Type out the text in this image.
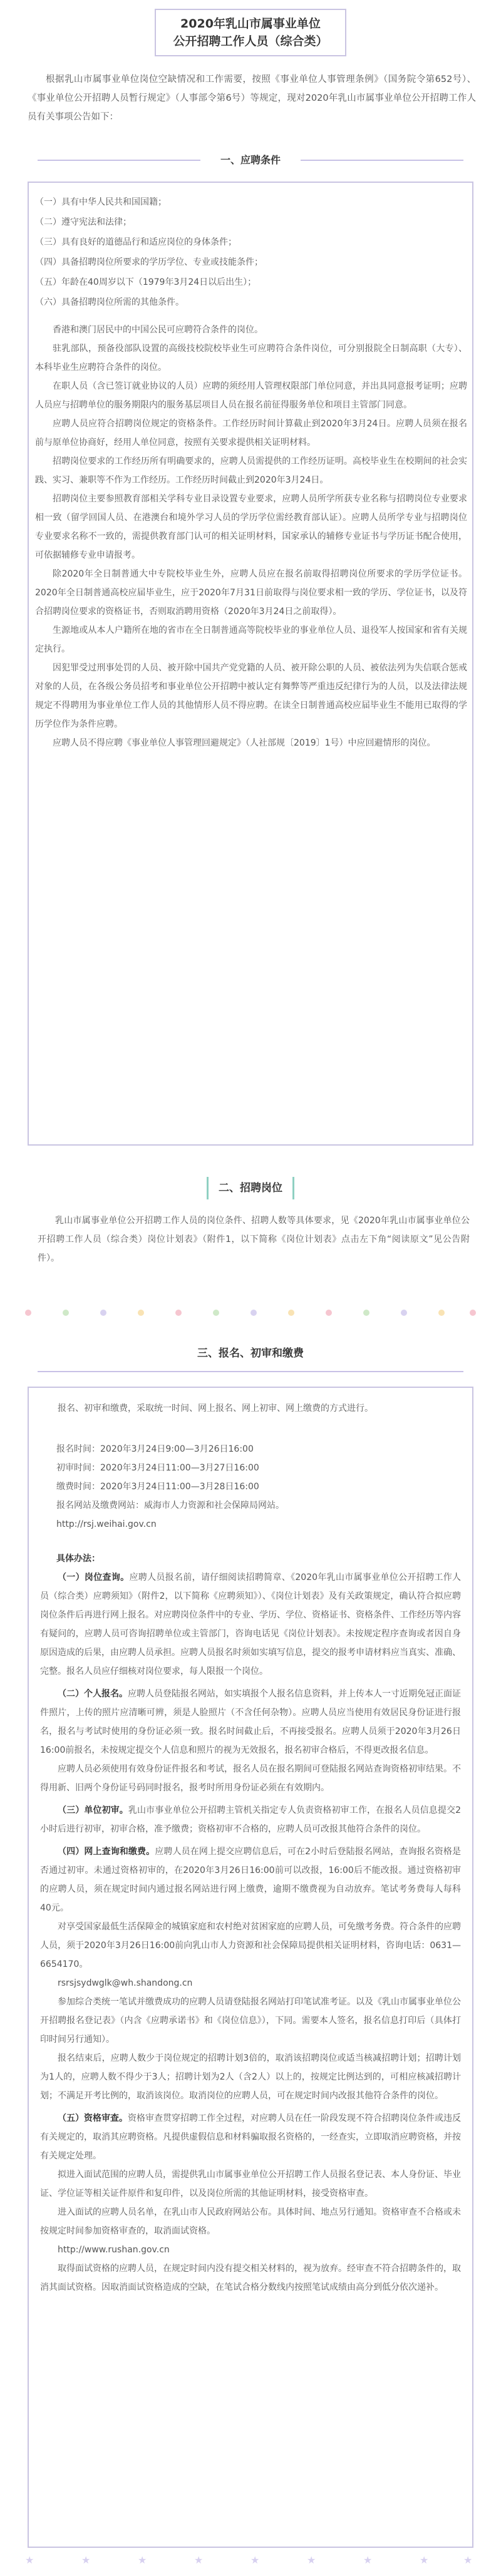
2020年乳山市属事业单位
公开招聘工作人员（综合类）
根据乳山市属事业单位岗位空缺情况和工作需要，按照《事业单位人事管理条例》（国务院令第652号）、《事业单位公开招聘人员暂行规定》（人事部令第6号）等规定，现对2020年乳山市属事业单位公开招聘工作人员有关事项公告如下：
一、应聘条件
（一）具有中华人民共和国国籍；
（二）遵守宪法和法律；
（三）具有良好的道德品行和适应岗位的身体条件；
（四）具备招聘岗位所要求的学历学位、专业或技能条件；
（五）年龄在40周岁以下（1979年3月24日以后出生）；
（六）具备招聘岗位所需的其他条件。
香港和澳门居民中的中国公民可应聘符合条件的岗位。
驻乳部队，预备役部队设置的高级技校院校毕业生可应聘符合条件岗位，可分别报院全日制高职（大专）、本科毕业生应聘符合条件的岗位。
在职人员（含已签订就业协议的人员）应聘的须经用人管理权限部门单位同意，并出具同意报考证明；应聘人员应与招聘单位的服务期限内的服务基层项目人员在报名前征得服务单位和项目主管部门同意。
应聘人员应符合招聘岗位规定的资格条件。工作经历时间计算截止到2020年3月24日。应聘人员须在报名前与原单位协商好，经用人单位同意，按照有关要求提供相关证明材料。
招聘岗位要求的工作经历所有明确要求的，应聘人员需提供的工作经历证明。高校毕业生在校期间的社会实践、实习、兼职等不作为工作经历。工作经历时间截止到2020年3月24日。
招聘岗位主要参照教育部相关学科专业目录设置专业要求，应聘人员所学所获专业名称与招聘岗位专业要求相一致（留学回国人员、在港澳台和境外学习人员的学历学位需经教育部认证）。应聘人员所学专业与招聘岗位专业要求名称不一致的，需提供教育部门认可的相关证明材料，国家承认的辅修专业证书与学历证书配合使用，可依据辅修专业申请报考。
除2020年全日制普通大中专院校毕业生外，应聘人员应在报名前取得招聘岗位所要求的学历学位证书。2020年全日制普通高校应届毕业生，应于2020年7月31日前取得与岗位要求相一致的学历、学位证书，以及符合招聘岗位要求的资格证书，否则取消聘用资格（2020年3月24日之前取得）。
生源地或从本人户籍所在地的省市在全日制普通高等院校毕业的事业单位人员、退役军人按国家和省有关规定执行。
因犯罪受过刑事处罚的人员、被开除中国共产党党籍的人员、被开除公职的人员、被依法列为失信联合惩戒对象的人员，在各级公务员招考和事业单位公开招聘中被认定有舞弊等严重违反纪律行为的人员，以及法律法规规定不得聘用为事业单位工作人员的其他情形人员不得应聘。在读全日制普通高校应届毕业生不能用已取得的学历学位作为条件应聘。
应聘人员不得应聘《事业单位人事管理回避规定》（人社部规〔2019〕1号）中应回避情形的岗位。
二、招聘岗位
乳山市属事业单位公开招聘工作人员的岗位条件、招聘人数等具体要求，见《2020年乳山市属事业单位公开招聘工作人员（综合类）岗位计划表》（附件1，以下简称《岗位计划表》点击左下角“阅读原文”见公告附件）。
三、报名、初审和缴费
报名、初审和缴费，采取统一时间、网上报名、网上初审、网上缴费的方式进行。
报名时间：2020年3月24日9:00—3月26日16:00
初审时间：2020年3月24日11:00—3月27日16:00
缴费时间：2020年3月24日11:00—3月28日16:00
报名网站及缴费网站：威海市人力资源和社会保障局网站。
http://rsj.weihai.gov.cn
具体办法：
（一）岗位查询。应聘人员报名前，请仔细阅读招聘简章、《2020年乳山市属事业单位公开招聘工作人员（综合类）应聘须知》（附件2，以下简称《应聘须知》）、《岗位计划表》及有关政策规定，确认符合拟应聘岗位条件后再进行网上报名。对应聘岗位条件中的专业、学历、学位、资格证书、资格条件、工作经历等内容有疑问的，应聘人员可咨询招聘单位或主管部门，咨询电话见《岗位计划表》。未按规定程序查询或者因自身原因造成的后果，由应聘人员承担。应聘人员报名时须如实填写信息，提交的报考申请材料应当真实、准确、完整。报名人员应仔细核对岗位要求，每人限报一个岗位。
（二）个人报名。应聘人员登陆报名网站，如实填报个人报名信息资料，并上传本人一寸近期免冠正面证件照片，上传的照片应清晰可辨，须是人脸照片（不含任何杂物）。应聘人员应当使用有效居民身份证进行报名，报名与考试时使用的身份证必须一致。报名时间截止后，不再接受报名。应聘人员须于2020年3月26日16:00前报名，未按规定提交个人信息和照片的视为无效报名，报名初审合格后，不得更改报名信息。
应聘人员必须使用有效身份证件报名和考试，报名人员在报名期间可登陆报名网站查询资格初审结果。不得用新、旧两个身份证号码同时报名，报考时所用身份证必须在有效期内。
（三）单位初审。乳山市事业单位公开招聘主管机关指定专人负责资格初审工作，在报名人员信息提交2小时后进行初审，初审合格，准予缴费；资格初审不合格的，应聘人员可改报其他符合条件的岗位。
（四）网上查询和缴费。应聘人员在网上提交应聘信息后，可在2小时后登陆报名网站，查询报名资格是否通过初审。未通过资格初审的，在2020年3月26日16:00前可以改报，16:00后不能改报。通过资格初审的应聘人员，须在规定时间内通过报名网站进行网上缴费，逾期不缴费视为自动放弃。笔试考务费每人每科40元。
对享受国家最低生活保障金的城镇家庭和农村绝对贫困家庭的应聘人员，可免缴考务费。符合条件的应聘人员，须于2020年3月26日16:00前向乳山市人力资源和社会保障局提供相关证明材料，咨询电话：0631—6654170。
rsrsjsydwglk@wh.shandong.cn
参加综合类统一笔试并缴费成功的应聘人员请登陆报名网站打印笔试准考证。以及《乳山市属事业单位公开招聘报名登记表》（内含《应聘承诺书》和《岗位信息》），下同。需要本人签名，报名信息打印后（具体打印时间另行通知）。
报名结束后，应聘人数少于岗位规定的招聘计划3倍的，取消该招聘岗位或适当核减招聘计划；招聘计划为1人的，应聘人数不得少于3人；招聘计划为2人（含2人）以上的，按规定比例达到的，可相应核减招聘计划；不满足开考比例的，取消该岗位。取消岗位的应聘人员，可在规定时间内改报其他符合条件的岗位。
（五）资格审查。资格审查贯穿招聘工作全过程，对应聘人员在任一阶段发现不符合招聘岗位条件或违反有关规定的，取消其应聘资格。凡提供虚假信息和材料骗取报名资格的，一经查实，立即取消应聘资格，并按有关规定处理。
拟进入面试范围的应聘人员，需提供乳山市属事业单位公开招聘工作人员报名登记表、本人身份证、毕业证、学位证等相关证件原件和复印件，以及岗位所需的其他证明材料，接受资格审查。
进入面试的应聘人员名单，在乳山市人民政府网站公布。具体时间、地点另行通知。资格审查不合格或未按规定时间参加资格审查的，取消面试资格。
http://www.rushan.gov.cn
取得面试资格的应聘人员，在规定时间内没有提交相关材料的，视为放弃。经审查不符合招聘条件的，取消其面试资格。因取消面试资格造成的空缺，在笔试合格分数线内按照笔试成绩由高分到低分依次递补。
★	★	★	★	★	★	★	★	★
